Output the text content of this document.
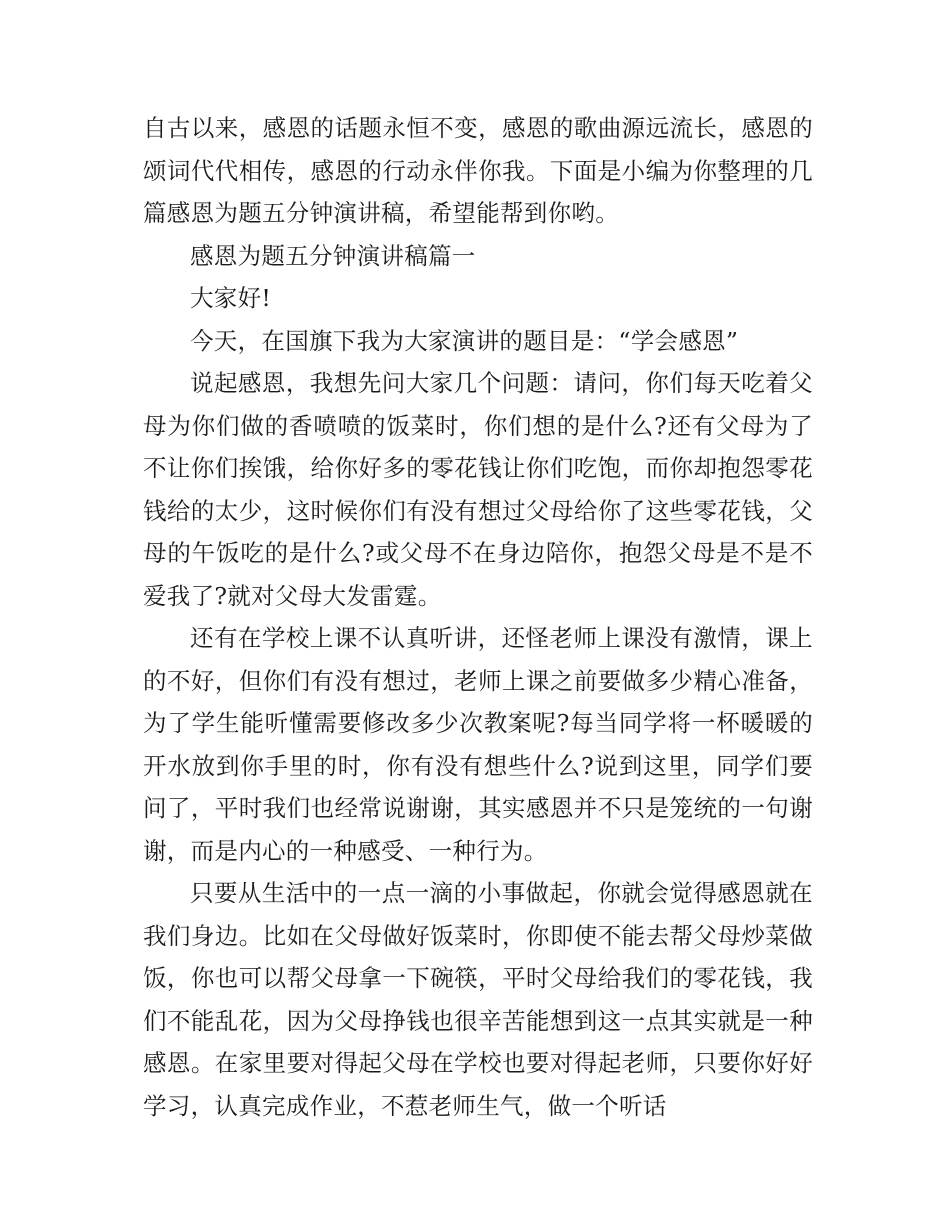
自古以来，感恩的话题永恒不变，感恩的歌曲源远流长，感恩的颂词代代相传，感恩的行动永伴你我。下面是小编为你整理的几篇感恩为题五分钟演讲稿，希望能帮到你哟。

感恩为题五分钟演讲稿篇一

大家好!

今天，在国旗下我为大家演讲的题目是：“学会感恩”

说起感恩，我想先问大家几个问题：请问，你们每天吃着父母为你们做的香喷喷的饭菜时，你们想的是什么?还有父母为了不让你们挨饿，给你好多的零花钱让你们吃饱，而你却抱怨零花钱给的太少，这时候你们有没有想过父母给你了这些零花钱，父母的午饭吃的是什么?或父母不在身边陪你，抱怨父母是不是不爱我了?就对父母大发雷霆。

还有在学校上课不认真听讲，还怪老师上课没有激情，课上的不好，但你们有没有想过，老师上课之前要做多少精心准备，为了学生能听懂需要修改多少次教案呢?每当同学将一杯暖暖的开水放到你手里的时，你有没有想些什么?说到这里，同学们要问了，平时我们也经常说谢谢，其实感恩并不只是笼统的一句谢谢，而是内心的一种感受、一种行为。

只要从生活中的一点一滴的小事做起，你就会觉得感恩就在我们身边。比如在父母做好饭菜时，你即使不能去帮父母炒菜做饭，你也可以帮父母拿一下碗筷，平时父母给我们的零花钱，我们不能乱花，因为父母挣钱也很辛苦能想到这一点其实就是一种感恩。在家里要对得起父母在学校也要对得起老师，只要你好好学习，认真完成作业，不惹老师生气，做一个听话
